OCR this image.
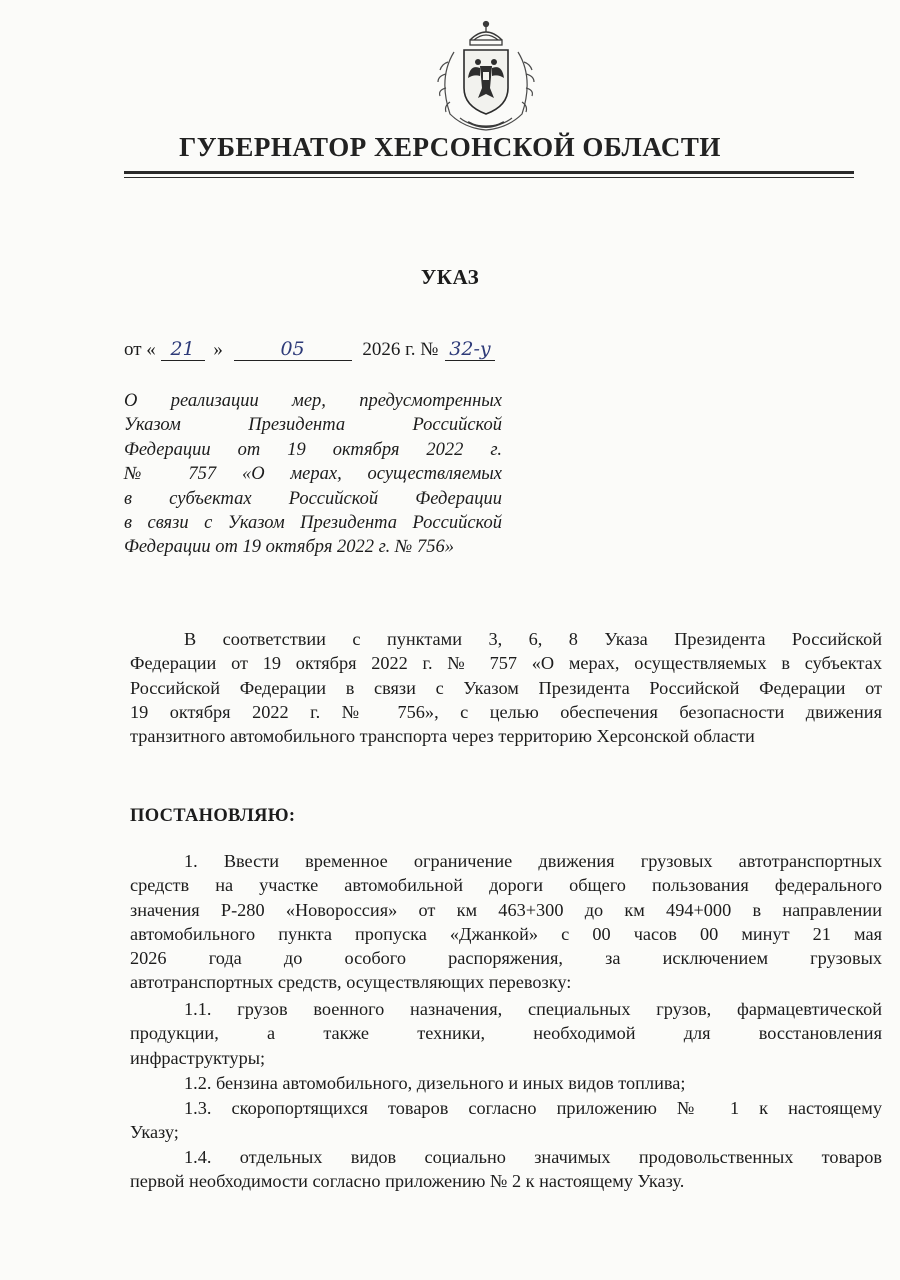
ГУБЕРНАТОР ХЕРСОНСКОЙ ОБЛАСТИ
УКАЗ
от « 21 »	05	2026 г. № 32-у
О реализации мер, предусмотренных
Указом Президента Российской
Федерации от 19 октября 2022 г.
№ 757 «О мерах, осуществляемых
в субъектах Российской Федерации
в связи с Указом Президента Российской
Федерации от 19 октября 2022 г. № 756»
В соответствии с пунктами 3, 6, 8 Указа Президента Российской
Федерации от 19 октября 2022 г. № 757 «О мерах, осуществляемых в субъектах
Российской Федерации в связи с Указом Президента Российской Федерации от
19 октября 2022 г. № 756», с целью обеспечения безопасности движения
транзитного автомобильного транспорта через территорию Херсонской области
ПОСТАНОВЛЯЮ:
1. Ввести временное ограничение движения грузовых автотранспортных
средств на участке автомобильной дороги общего пользования федерального
значения Р-280 «Новороссия» от км 463+300 до км 494+000 в направлении
автомобильного пункта пропуска «Джанкой» с 00 часов 00 минут 21 мая
2026 года до особого распоряжения, за исключением грузовых
автотранспортных средств, осуществляющих перевозку:
1.1. грузов военного назначения, специальных грузов, фармацевтической
продукции, а также техники, необходимой для восстановления
инфраструктуры;
1.2. бензина автомобильного, дизельного и иных видов топлива;
1.3. скоропортящихся товаров согласно приложению № 1 к настоящему
Указу;
1.4. отдельных видов социально значимых продовольственных товаров
первой необходимости согласно приложению № 2 к настоящему Указу.
